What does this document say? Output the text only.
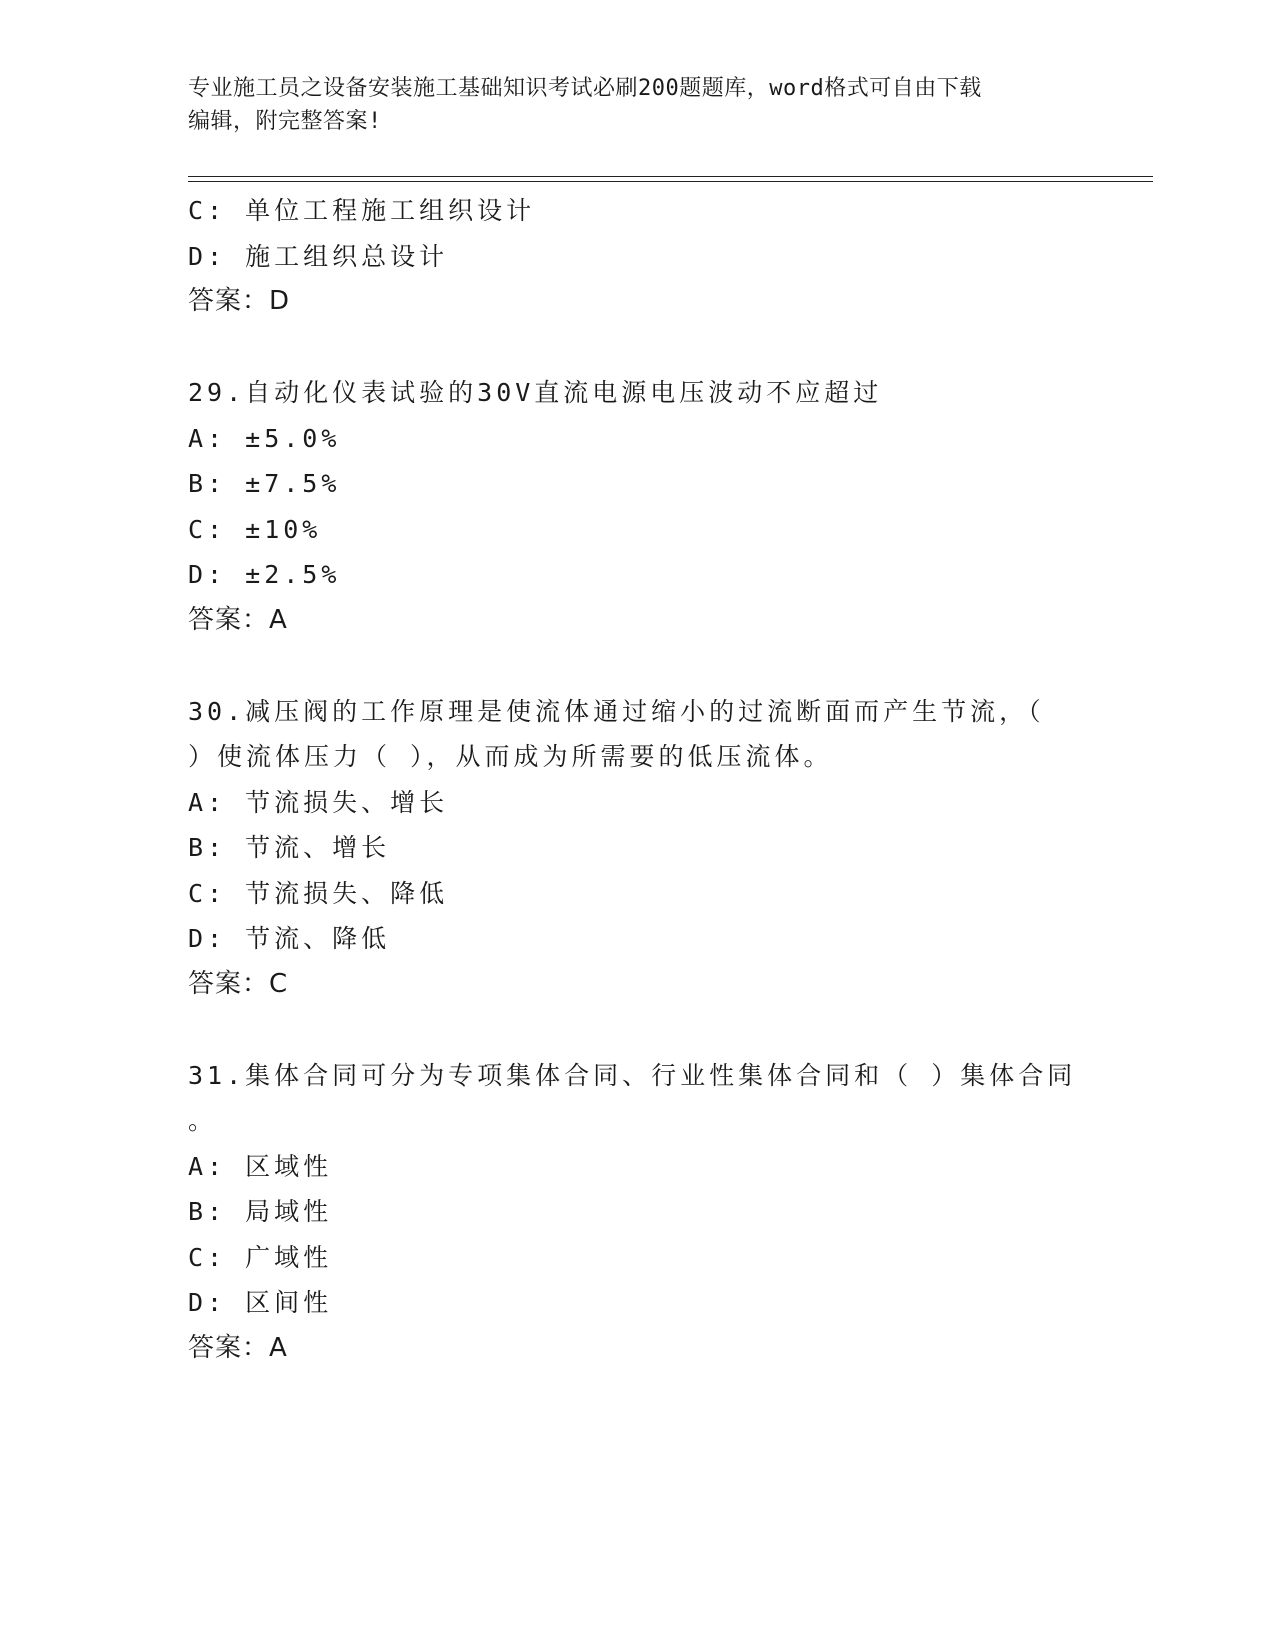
专业施工员之设备安装施工基础知识考试必刷200题题库，word格式可自由下载
编辑，附完整答案!
C: 单位工程施工组织设计
D: 施工组织总设计
答案：D
29.自动化仪表试验的30V直流电源电压波动不应超过
A: ±5.0%
B: ±7.5%
C: ±10%
D: ±2.5%
答案：A
30.减压阀的工作原理是使流体通过缩小的过流断面而产生节流，（
）使流体压力（ ），从而成为所需要的低压流体。
A: 节流损失、增长
B: 节流、增长
C: 节流损失、降低
D: 节流、降低
答案：C
31.集体合同可分为专项集体合同、行业性集体合同和（ ）集体合同
。
A: 区域性
B: 局域性
C: 广域性
D: 区间性
答案：A
